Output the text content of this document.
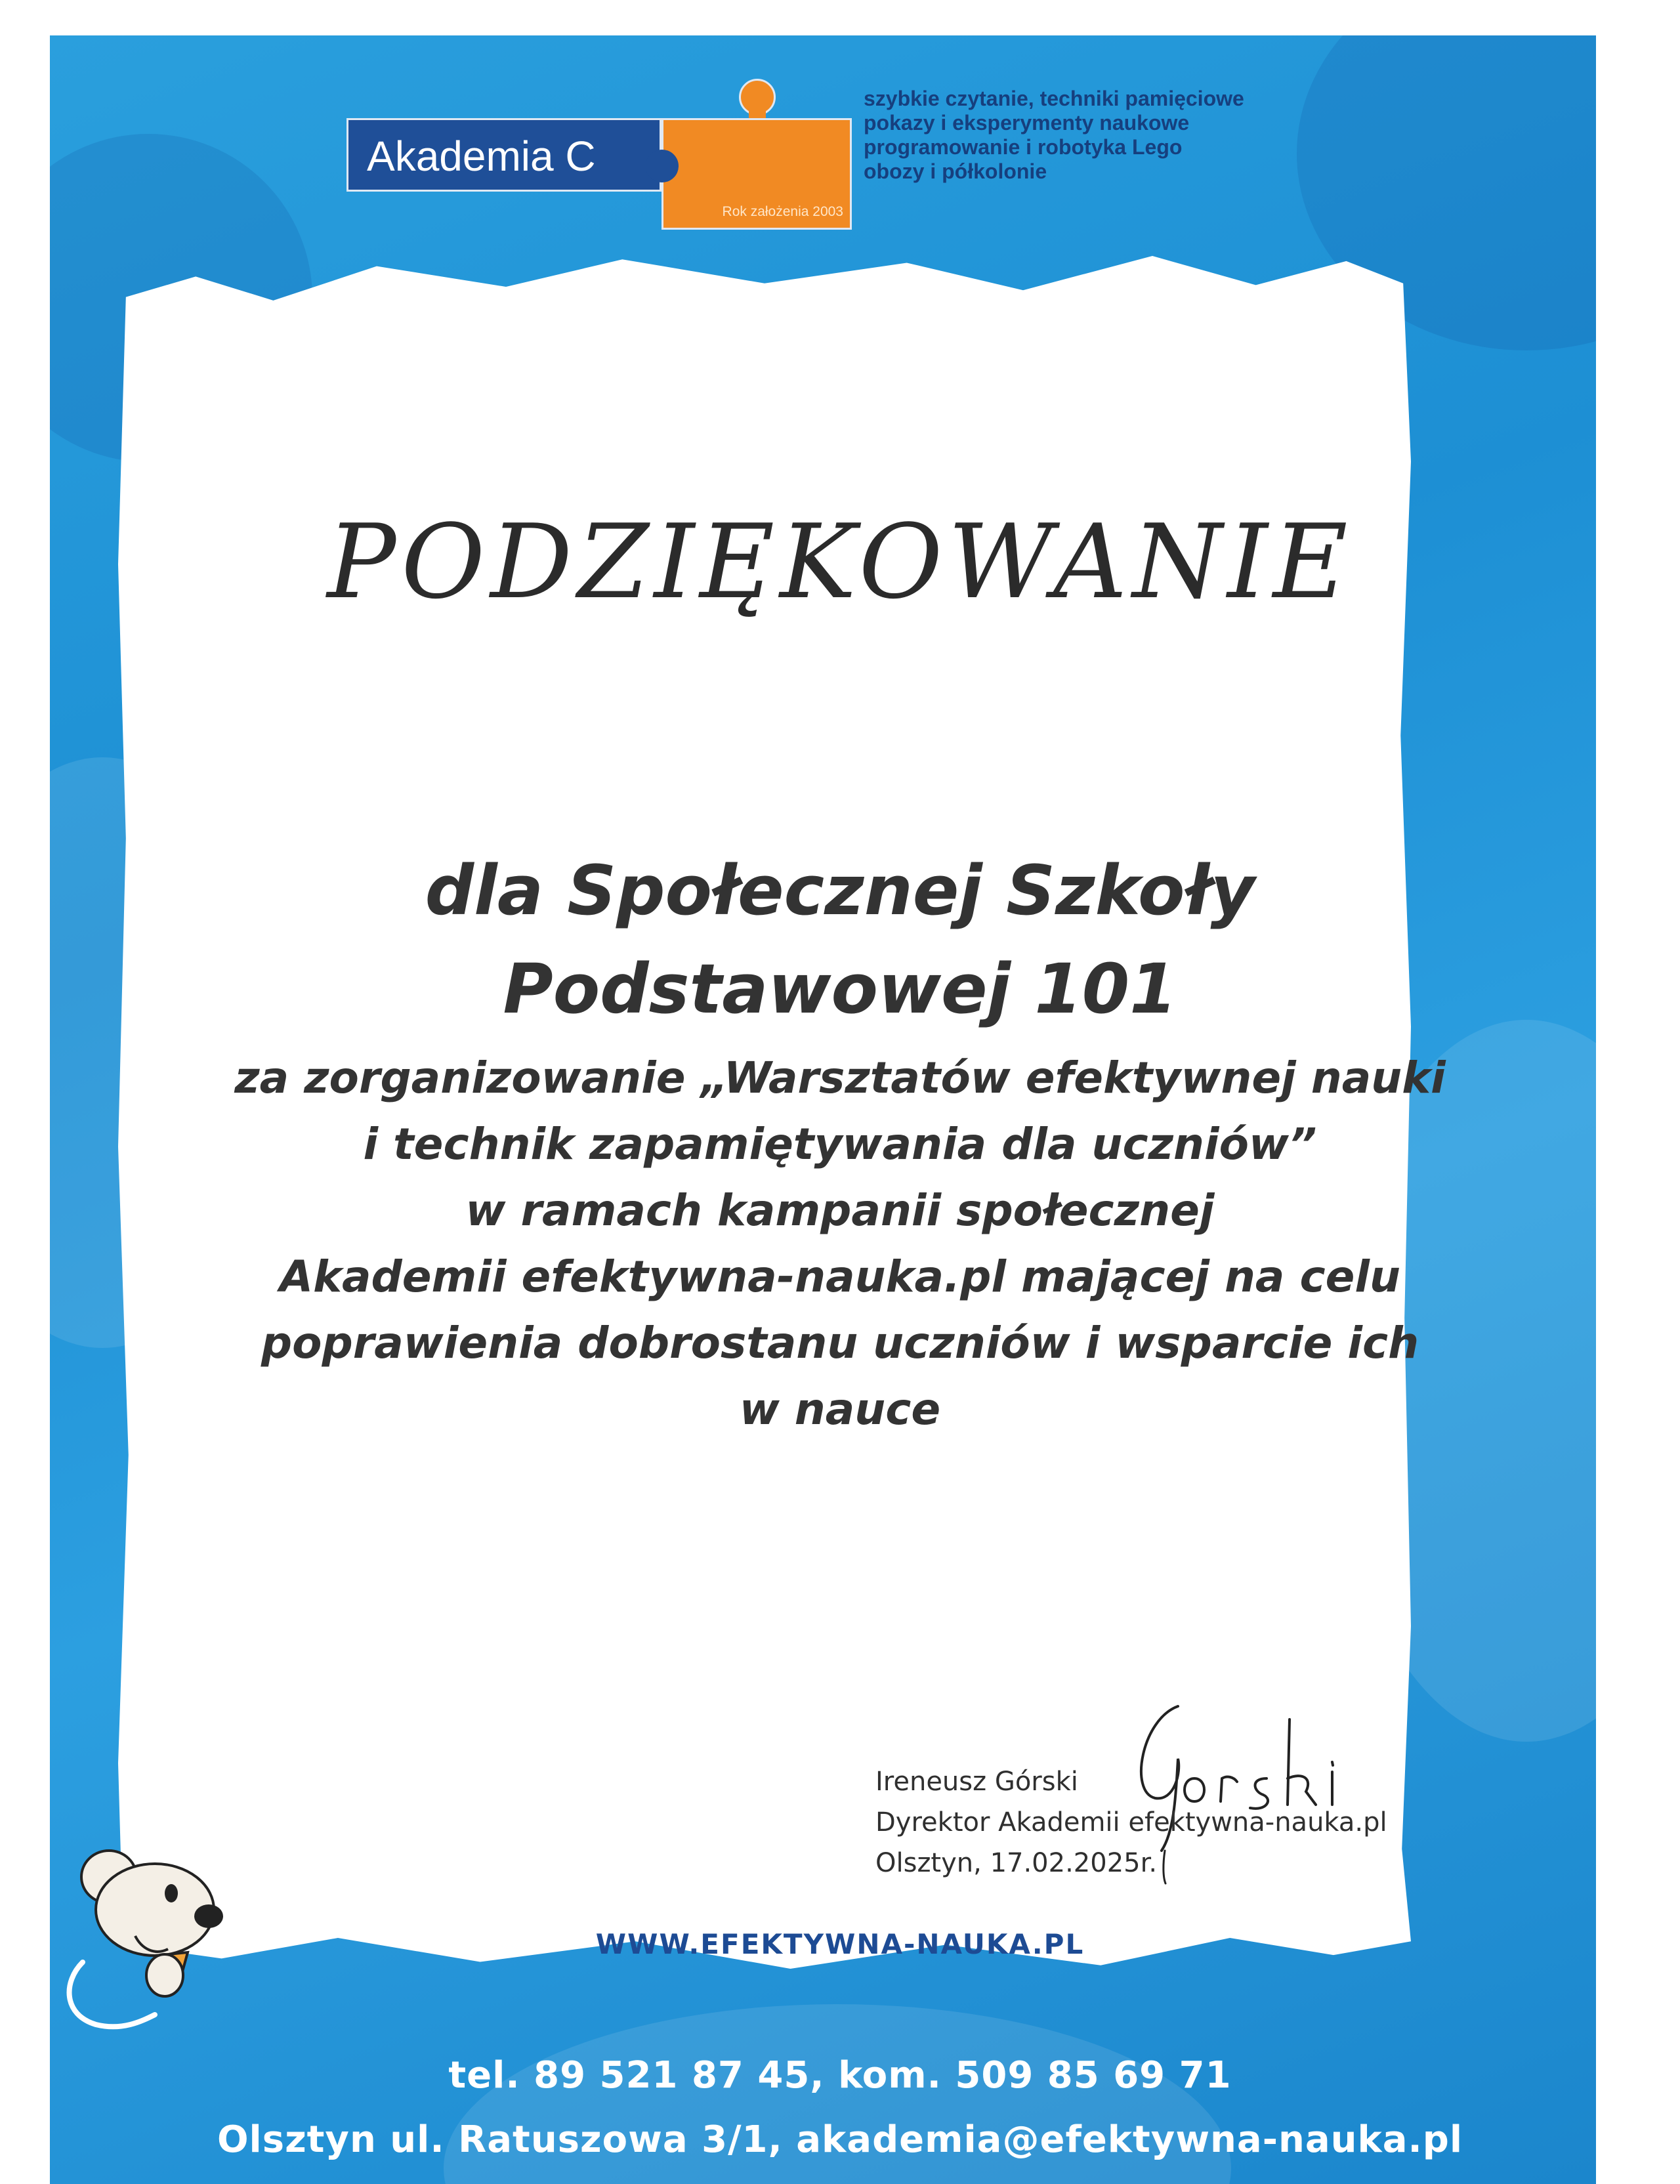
Rok założenia 2003
Akademia C
szybkie czytanie, techniki pamięciowe
pokazy i eksperymenty naukowe
programowanie i robotyka Lego
obozy i półkolonie
PODZIĘKOWANIE
dla Społecznej Szkoły
Podstawowej 101
za zorganizowanie „Warsztatów efektywnej nauki
i technik zapamiętywania dla uczniów”
w ramach kampanii społecznej
Akademii efektywna-nauka.pl mającej na celu
poprawienia dobrostanu uczniów i wsparcie ich
w nauce
Ireneusz Górski
Dyrektor Akademii efektywna-nauka.pl
Olsztyn, 17.02.2025r.
WWW.EFEKTYWNA-NAUKA.PL
tel. 89 521 87 45, kom. 509 85 69 71
Olsztyn ul. Ratuszowa 3/1, akademia@efektywna-nauka.pl
